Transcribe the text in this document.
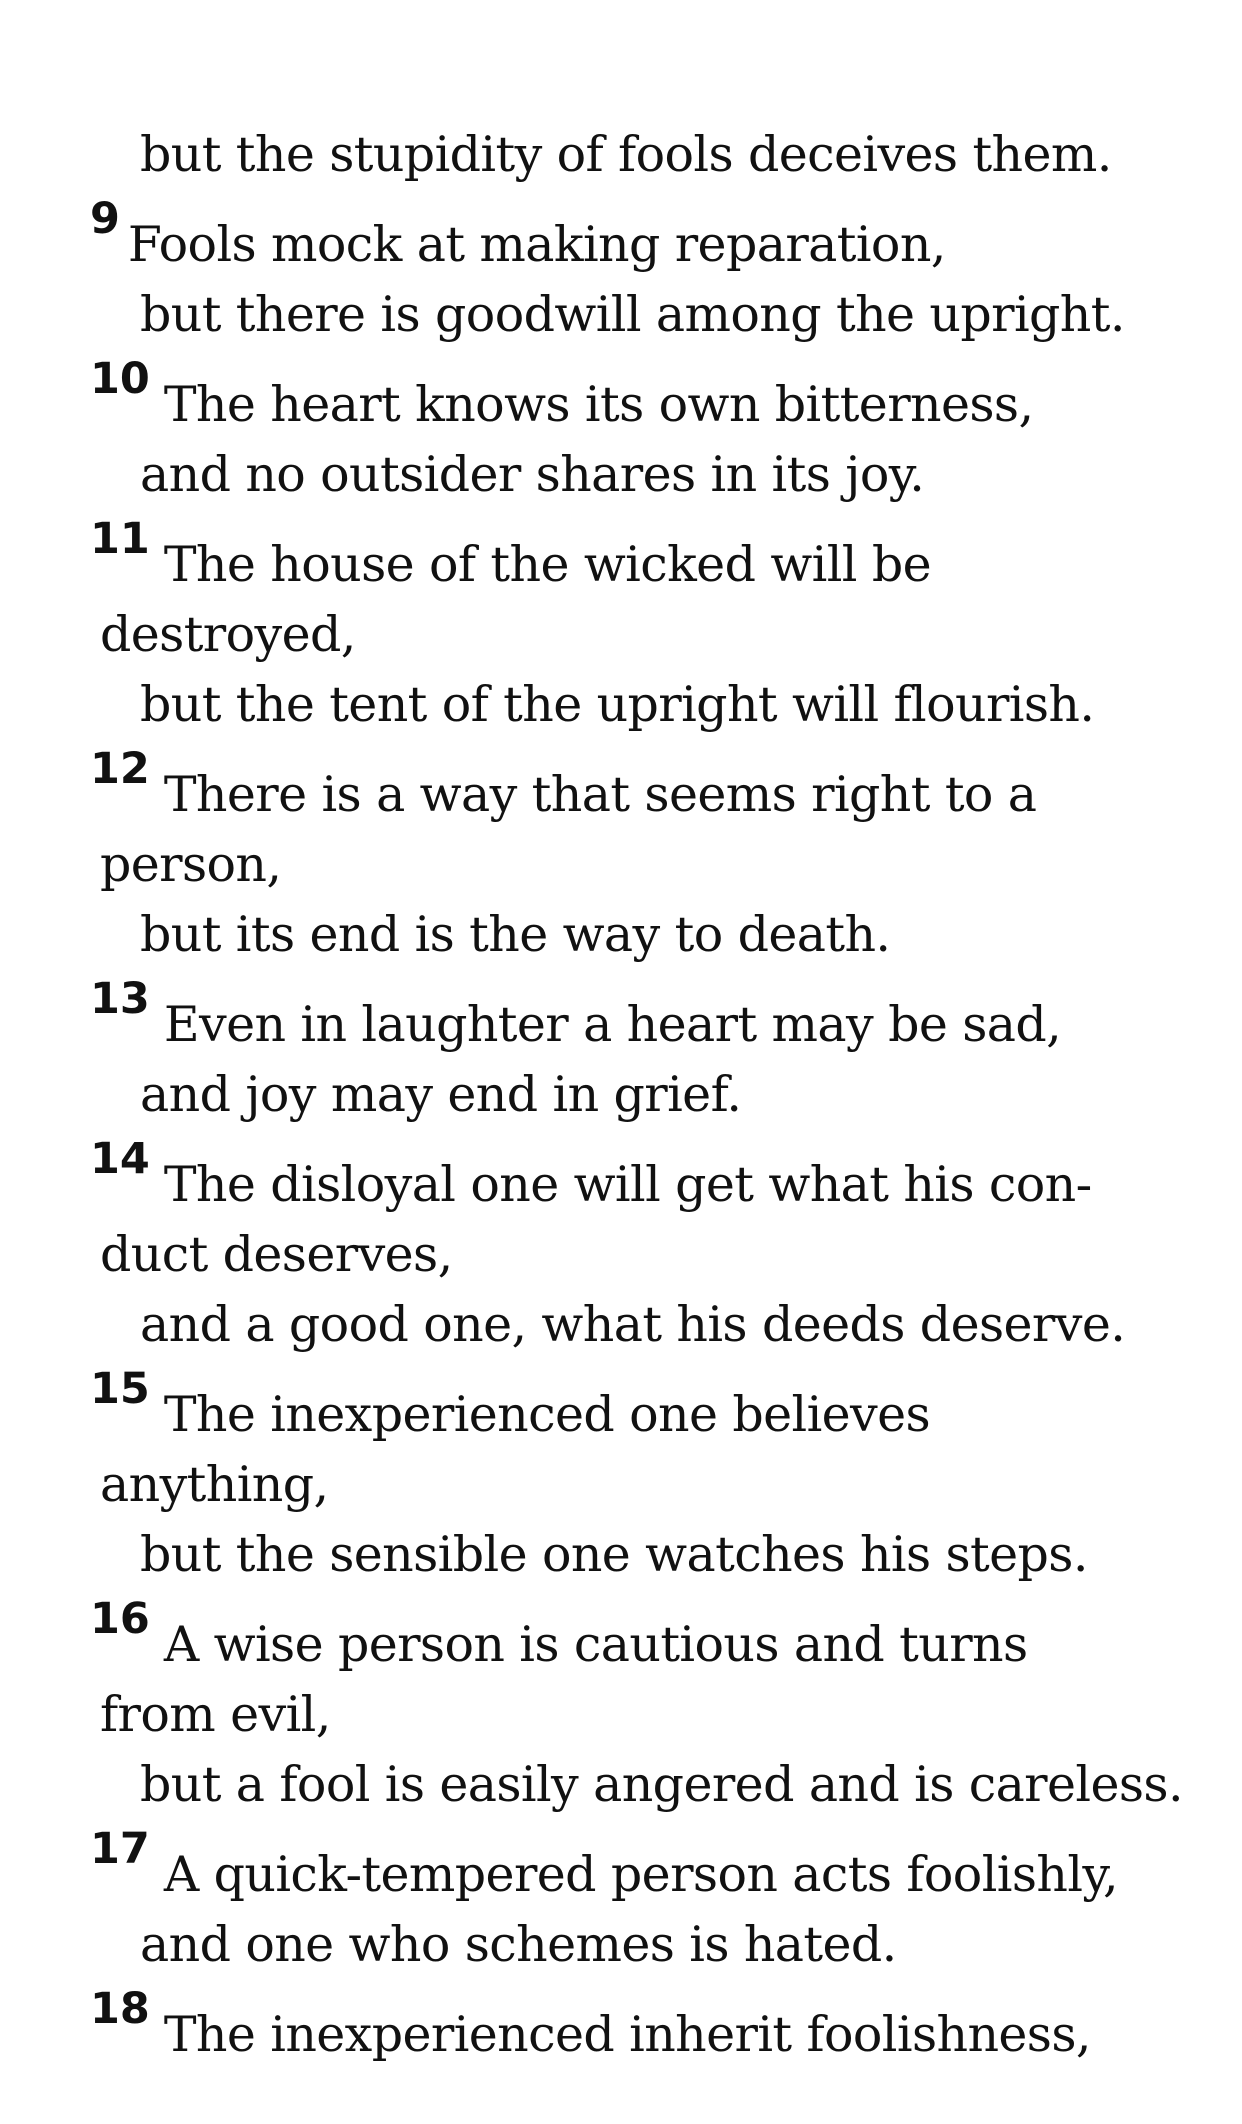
but the stupidity of fools deceives them.
9 Fools mock at making reparation,
but there is goodwill among the upright.
10 The heart knows its own bitterness,
and no outsider shares in its joy.
11 The house of the wicked will be
destroyed,
but the tent of the upright will flourish.
12 There is a way that seems right to a
person,
but its end is the way to death.
13 Even in laughter a heart may be sad,
and joy may end in grief.
14 The disloyal one will get what his con-
duct deserves,
and a good one, what his deeds deserve.
15 The inexperienced one believes
anything,
but the sensible one watches his steps.
16 A wise person is cautious and turns
from evil,
but a fool is easily angered and is careless.
17 A quick-tempered person acts foolishly,
and one who schemes is hated.
18 The inexperienced inherit foolishness,
